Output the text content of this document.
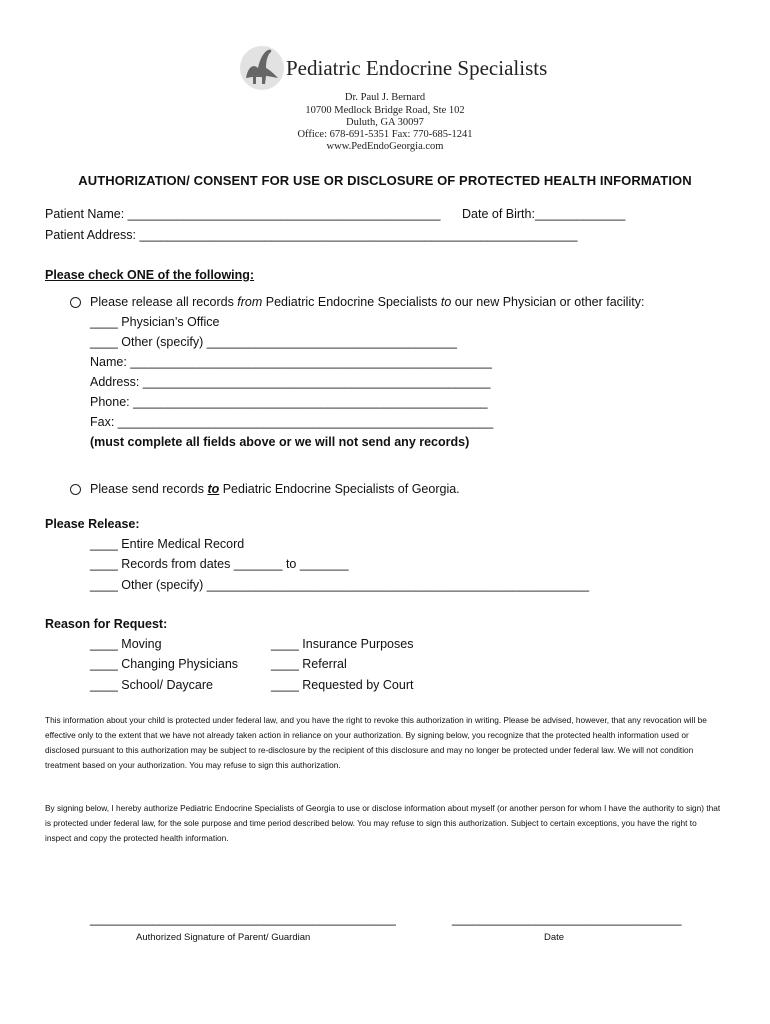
Pediatric Endocrine Specialists
Dr. Paul J. Bernard
10700 Medlock Bridge Road, Ste 102
Duluth, GA 30097
Office: 678-691-5351 Fax: 770-685-1241
www.PedEndoGeorgia.com
AUTHORIZATION/ CONSENT FOR USE OR DISCLOSURE OF PROTECTED HEALTH INFORMATION
Patient Name: _____________________________________________ Date of Birth:_____________
Patient Address: _______________________________________________________________
Please check ONE of the following:
Please release all records from Pediatric Endocrine Specialists to our new Physician or other facility:
____ Physician’s Office
____ Other (specify) ____________________________________
Name: ____________________________________________________
Address: __________________________________________________
Phone: ___________________________________________________
Fax: ______________________________________________________
(must complete all fields above or we will not send any records)
Please send records to Pediatric Endocrine Specialists of Georgia.
Please Release:
____ Entire Medical Record
____ Records from dates _______ to _______
____ Other (specify) _______________________________________________________
Reason for Request:
____ Moving
____ Changing Physicians
____ School/ Daycare
____ Insurance Purposes
____ Referral
____ Requested by Court
This information about your child is protected under federal law, and you have the right to revoke this authorization in writing. Please be advised, however, that any revocation will be effective only to the extent that we have not already taken action in reliance on your authorization. By signing below, you recognize that the protected health information used or disclosed pursuant to this authorization may be subject to re-disclosure by the recipient of this disclosure and may no longer be protected under federal law. We will not condition treatment based on your authorization. You may refuse to sign this authorization.
By signing below, I hereby authorize Pediatric Endocrine Specialists of Georgia to use or disclose information about myself (or another person for whom I have the authority to sign) that is protected under federal law, for the sole purpose and time period described below. You may refuse to sign this authorization. Subject to certain exceptions, you have the right to inspect and copy the protected health information.
____________________________________________
Authorized Signature of Parent/ Guardian
_________________________________
Date
